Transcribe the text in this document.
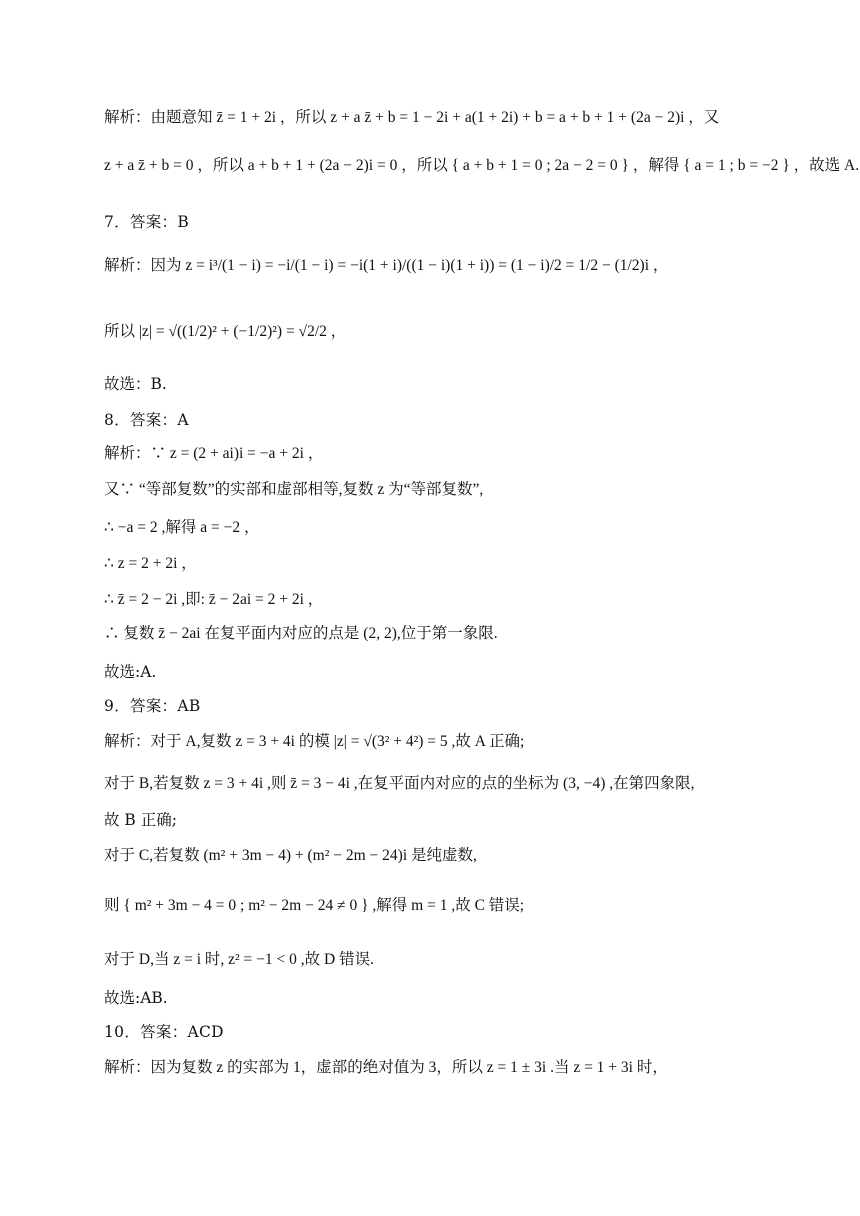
解析：由题意知 z̄ = 1 + 2i ，所以 z + a z̄ + b = 1 − 2i + a(1 + 2i) + b = a + b + 1 + (2a − 2)i ，又
z + a z̄ + b = 0 ，所以 a + b + 1 + (2a − 2)i = 0 ，所以 { a + b + 1 = 0 ; 2a − 2 = 0 } ，解得 { a = 1 ; b = −2 } ，故选 A.
7．答案：B
解析：因为 z = i³/(1 − i) = −i/(1 − i) = −i(1 + i)/((1 − i)(1 + i)) = (1 − i)/2 = 1/2 − (1/2)i ，
所以 |z| = √((1/2)² + (−1/2)²) = √2/2 ，
故选：B.
8．答案：A
解析：∵ z = (2 + ai)i = −a + 2i ，
又∵ “等部复数”的实部和虚部相等,复数 z 为“等部复数”,
∴ −a = 2 ,解得 a = −2 ，
∴ z = 2 + 2i ，
∴ z̄ = 2 − 2i ,即: z̄ − 2ai = 2 + 2i ，
∴ 复数 z̄ − 2ai 在复平面内对应的点是 (2, 2),位于第一象限.
故选:A.
9．答案：AB
解析：对于 A,复数 z = 3 + 4i 的模 |z| = √(3² + 4²) = 5 ,故 A 正确;
对于 B,若复数 z = 3 + 4i ,则 z̄ = 3 − 4i ,在复平面内对应的点的坐标为 (3, −4) ,在第四象限,
故 B 正确;
对于 C,若复数 (m² + 3m − 4) + (m² − 2m − 24)i 是纯虚数,
则 { m² + 3m − 4 = 0 ; m² − 2m − 24 ≠ 0 } ,解得 m = 1 ,故 C 错误;
对于 D,当 z = i 时, z² = −1 < 0 ,故 D 错误.
故选:AB.
10．答案：ACD
解析：因为复数 z 的实部为 1，虚部的绝对值为 3，所以 z = 1 ± 3i .当 z = 1 + 3i 时，
